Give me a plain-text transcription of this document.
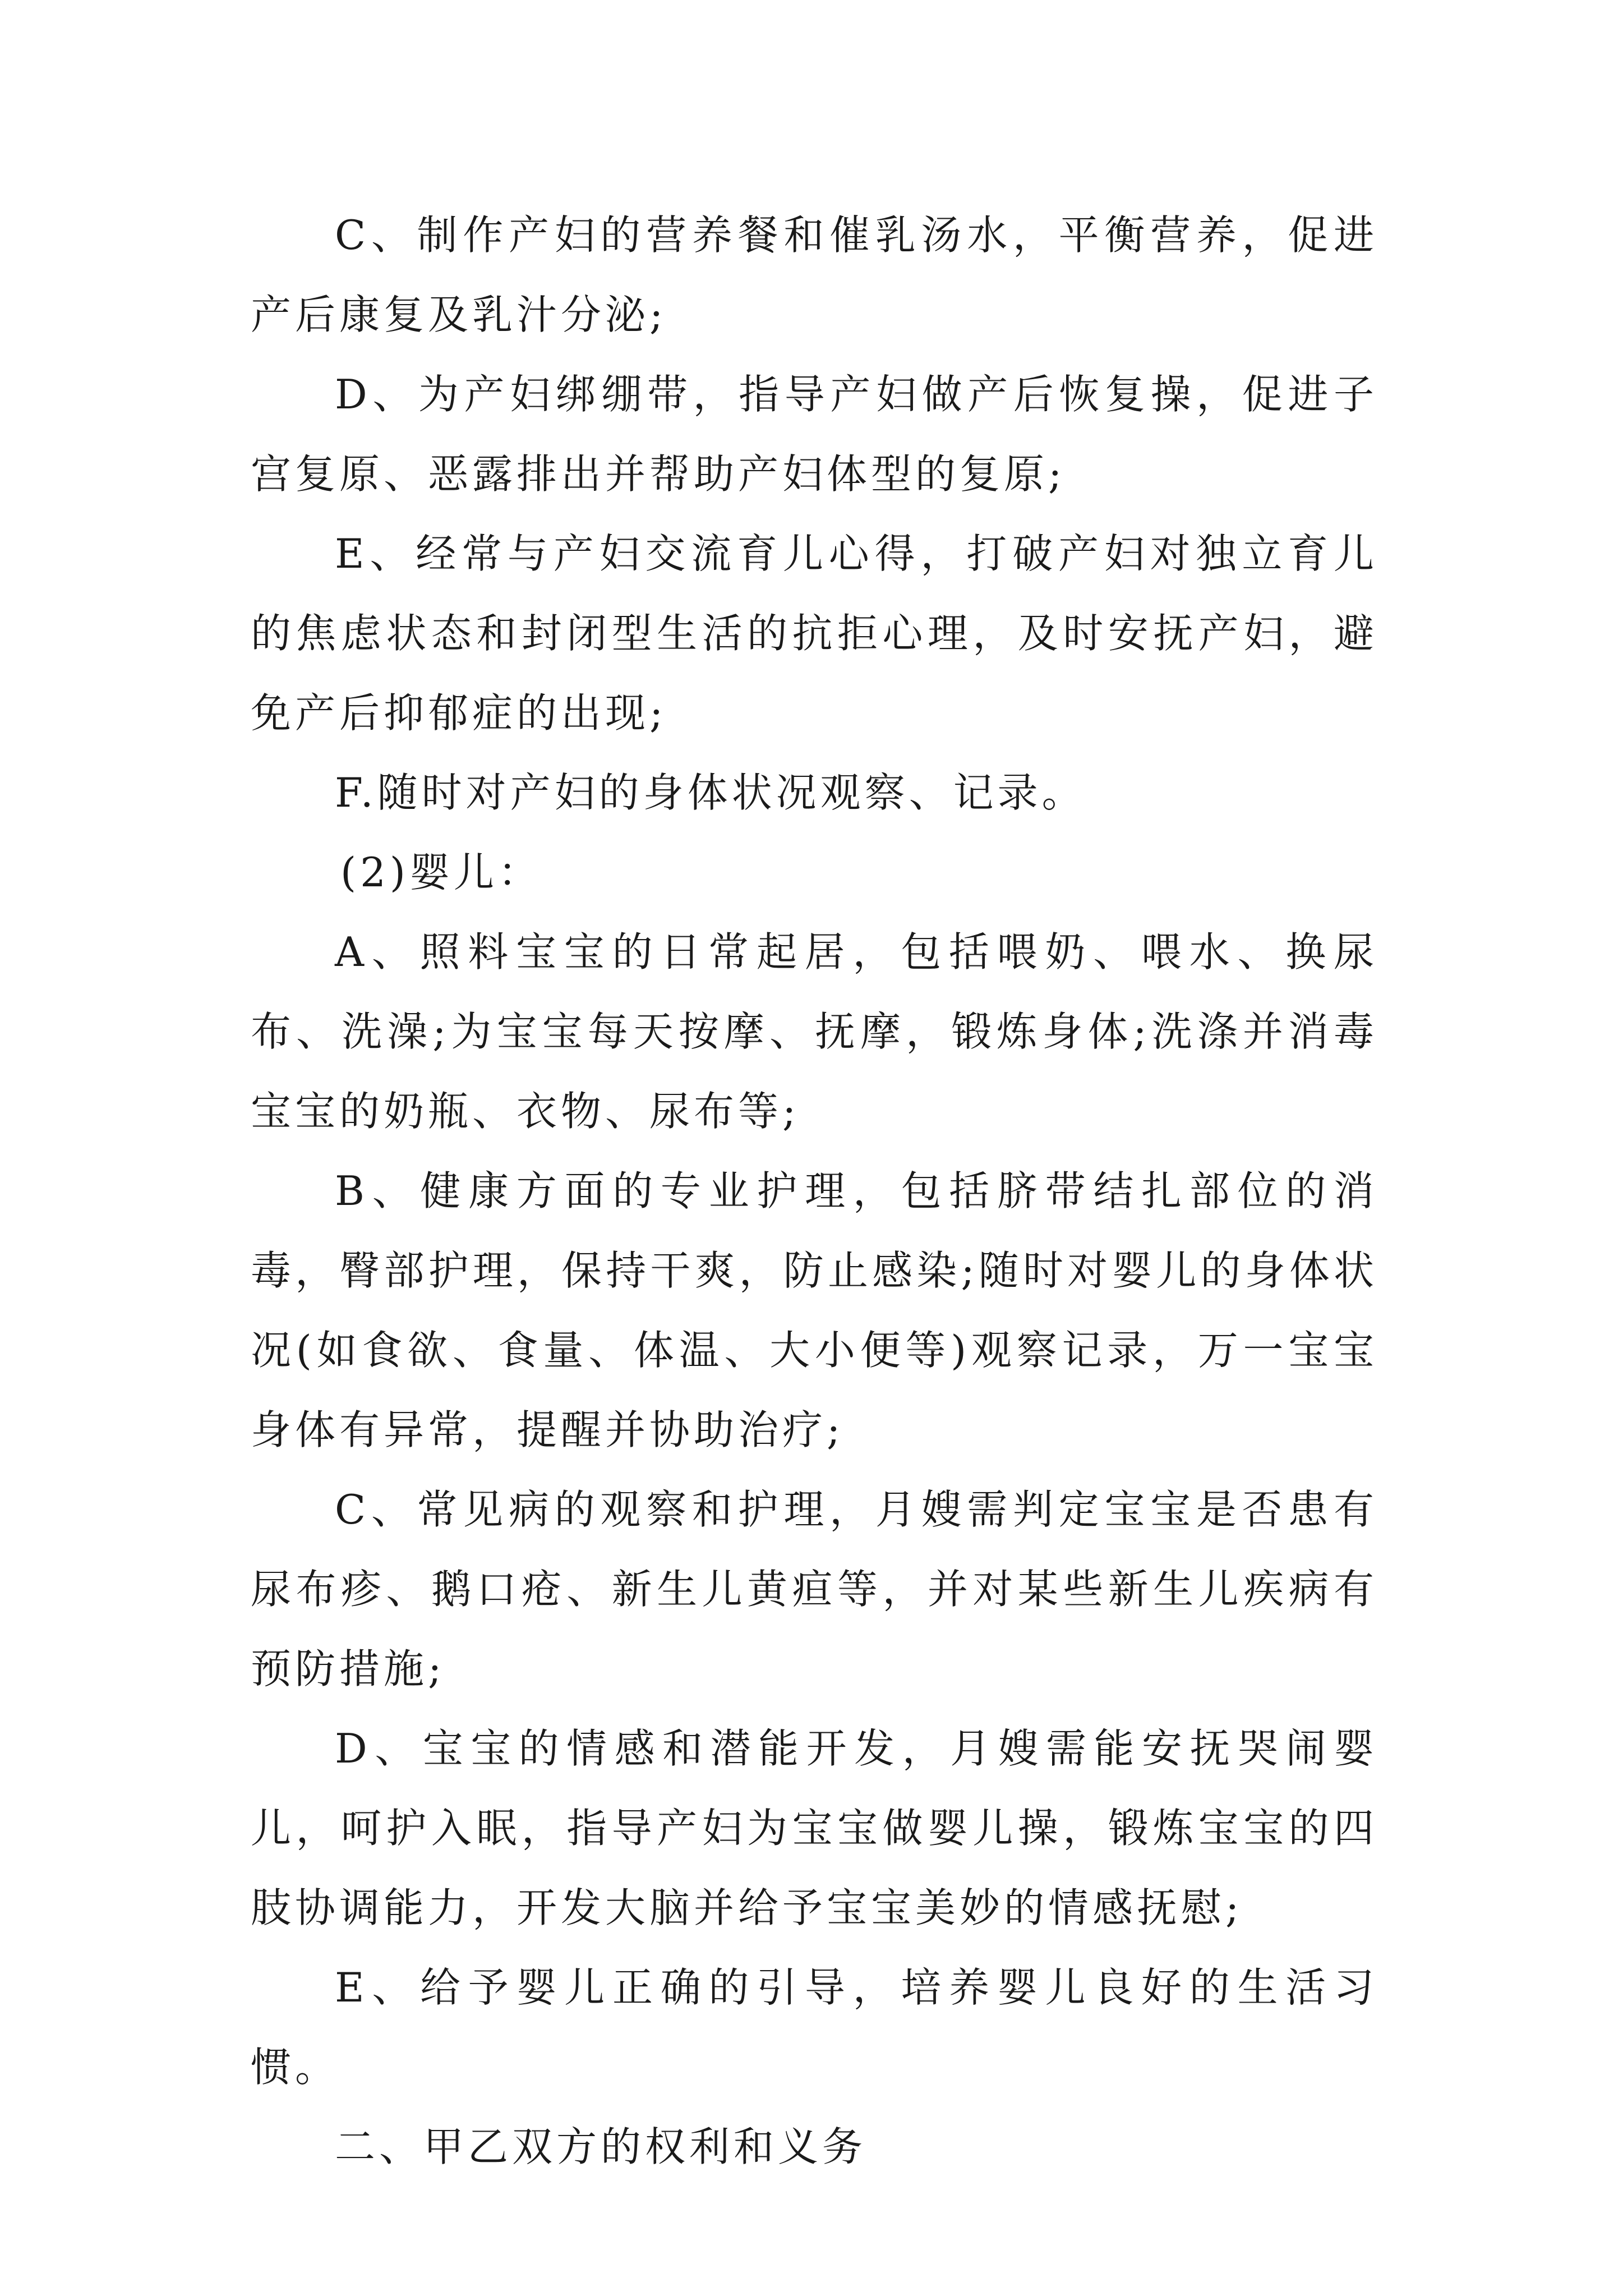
C、制作产妇的营养餐和催乳汤水，平衡营养，促进产后康复及乳汁分泌;

D、为产妇绑绷带，指导产妇做产后恢复操，促进子宫复原、恶露排出并帮助产妇体型的复原;

E、经常与产妇交流育儿心得，打破产妇对独立育儿的焦虑状态和封闭型生活的抗拒心理，及时安抚产妇，避免产后抑郁症的出现;

F.随时对产妇的身体状况观察、记录。

(2)婴儿：

A、照料宝宝的日常起居，包括喂奶、喂水、换尿布、洗澡;为宝宝每天按摩、抚摩，锻炼身体;洗涤并消毒宝宝的奶瓶、衣物、尿布等;

B、健康方面的专业护理，包括脐带结扎部位的消毒，臀部护理，保持干爽，防止感染;随时对婴儿的身体状况(如食欲、食量、体温、大小便等)观察记录，万一宝宝身体有异常，提醒并协助治疗;

C、常见病的观察和护理，月嫂需判定宝宝是否患有尿布疹、鹅口疮、新生儿黄疸等，并对某些新生儿疾病有预防措施;

D、宝宝的情感和潜能开发，月嫂需能安抚哭闹婴儿，呵护入眠，指导产妇为宝宝做婴儿操，锻炼宝宝的四肢协调能力，开发大脑并给予宝宝美妙的情感抚慰;

E、给予婴儿正确的引导，培养婴儿良好的生活习惯。

二、甲乙双方的权利和义务
